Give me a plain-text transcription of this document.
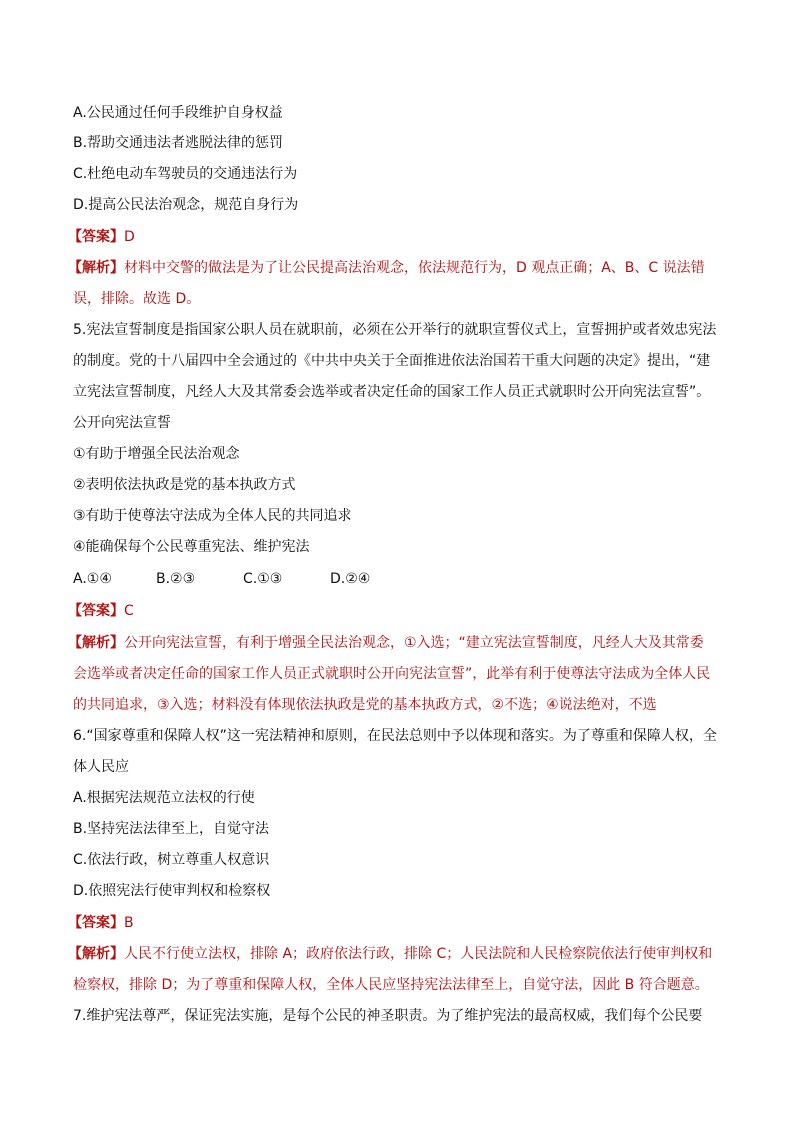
A.公民通过任何手段维护自身权益
B.帮助交通违法者逃脱法律的惩罚
C.杜绝电动车驾驶员的交通违法行为
D.提高公民法治观念，规范自身行为
【答案】D
【解析】材料中交警的做法是为了让公民提高法治观念，依法规范行为，D 观点正确；A、B、C 说法错
误，排除。故选 D。
5.宪法宣誓制度是指国家公职人员在就职前，必须在公开举行的就职宣誓仪式上，宣誓拥护或者效忠宪法
的制度。党的十八届四中全会通过的《中共中央关于全面推进依法治国若干重大问题的决定》提出，“建
立宪法宣誓制度，凡经人大及其常委会选举或者决定任命的国家工作人员正式就职时公开向宪法宣誓”。
公开向宪法宣誓
①有助于增强全民法治观念
②表明依法执政是党的基本执政方式
③有助于使尊法守法成为全体人民的共同追求
④能确保每个公民尊重宪法、维护宪法
A.①④	B.②③	C.①③	D.②④
【答案】C
【解析】公开向宪法宣誓，有利于增强全民法治观念，①入选；“建立宪法宣誓制度，凡经人大及其常委
会选举或者决定任命的国家工作人员正式就职时公开向宪法宣誓”，此举有利于使尊法守法成为全体人民
的共同追求，③入选；材料没有体现依法执政是党的基本执政方式，②不选；④说法绝对，不选
6.“国家尊重和保障人权”这一宪法精神和原则，在民法总则中予以体现和落实。为了尊重和保障人权，全
体人民应
A.根据宪法规范立法权的行使
B.坚持宪法法律至上，自觉守法
C.依法行政，树立尊重人权意识
D.依照宪法行使审判权和检察权
【答案】B
【解析】人民不行使立法权，排除 A；政府依法行政，排除 C；人民法院和人民检察院依法行使审判权和
检察权，排除 D；为了尊重和保障人权，全体人民应坚持宪法法律至上，自觉守法，因此 B 符合题意。
7.维护宪法尊严，保证宪法实施，是每个公民的神圣职责。为了维护宪法的最高权威，我们每个公民要
